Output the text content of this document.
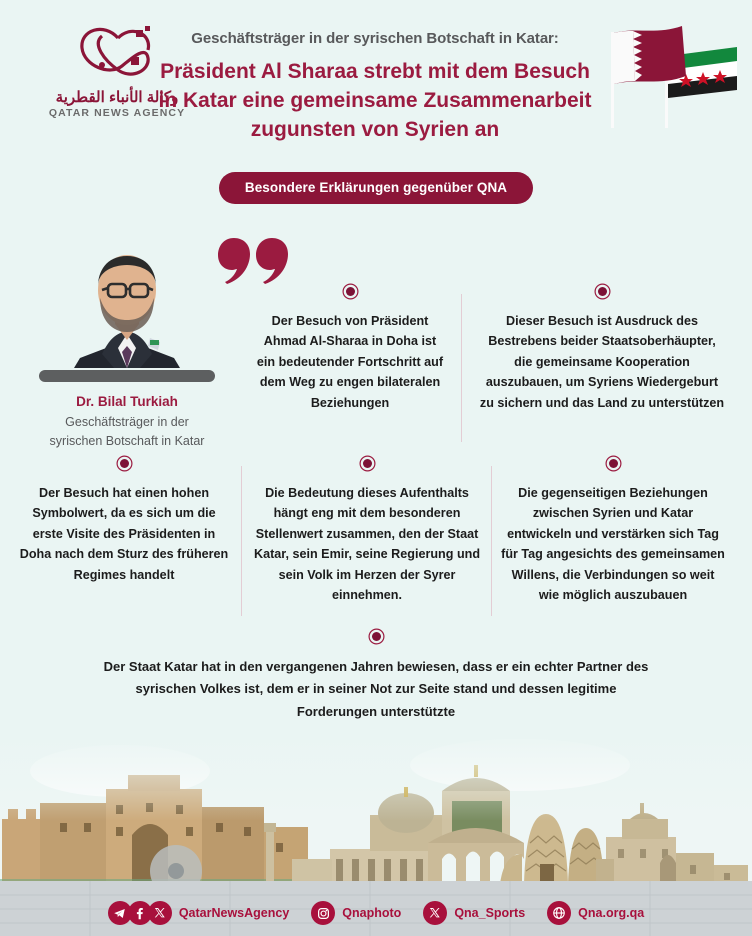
وكالة الأنباء القطرية
QATAR NEWS AGENCY
Geschäftsträger in der syrischen Botschaft in Katar:
Präsident Al Sharaa strebt mit dem Besuch
in Katar eine gemeinsame Zusammenarbeit
zugunsten von Syrien an
Besondere Erklärungen gegenüber QNA
Dr. Bilal Turkiah
Geschäftsträger in der
syrischen Botschaft in Katar
Der Besuch von Präsident Ahmad Al-Sharaa in Doha ist ein bedeutender Fortschritt auf dem Weg zu engen bilateralen Beziehungen
Dieser Besuch ist Ausdruck des Bestrebens beider Staatsoberhäupter, die gemeinsame Kooperation auszubauen, um Syriens Wiedergeburt zu sichern und das Land zu unterstützen
Der Besuch hat einen hohen Symbolwert, da es sich um die erste Visite des Präsidenten in Doha nach dem Sturz des früheren Regimes handelt
Die Bedeutung dieses Aufenthalts hängt eng mit dem besonderen Stellenwert zusammen, den der Staat Katar, sein Emir, seine Regierung und sein Volk im Herzen der Syrer einnehmen.
Die gegenseitigen Beziehungen zwischen Syrien und Katar entwickeln und verstärken sich Tag für Tag angesichts des gemeinsamen Willens, die Verbindungen so weit wie möglich auszubauen
Der Staat Katar hat in den vergangenen Jahren bewiesen, dass er ein echter Partner des syrischen Volkes ist, dem er in seiner Not zur Seite stand und dessen legitime Forderungen unterstützte
QatarNewsAgency	Qnaphoto	Qna_Sports	Qna.org.qa
